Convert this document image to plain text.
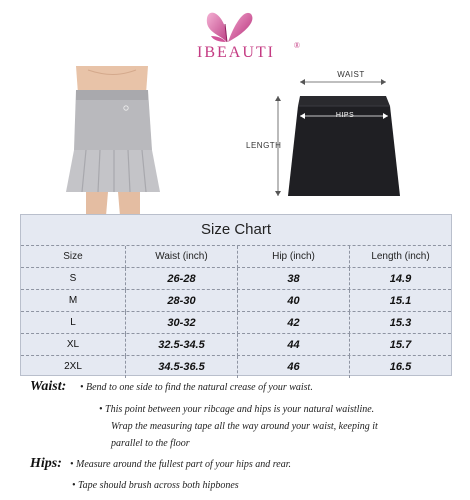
IBEAUTI ®
WAIST
HIPS
LENGTH
Size Chart
Size	Waist (inch)	Hip (inch)	Length (inch)
S	26-28	38	14.9
M	28-30	40	15.1
L	30-32	42	15.3
XL	32.5-34.5	44	15.7
2XL	34.5-36.5	46	16.5
Waist: • Bend to one side to find the natural crease of your waist.
• This point between your ribcage and hips is your natural waistline.
Wrap the measuring tape all the way around your waist, keeping it
parallel to the floor
Hips: • Measure around the fullest part of your hips and rear.
• Tape should brush across both hipbones
